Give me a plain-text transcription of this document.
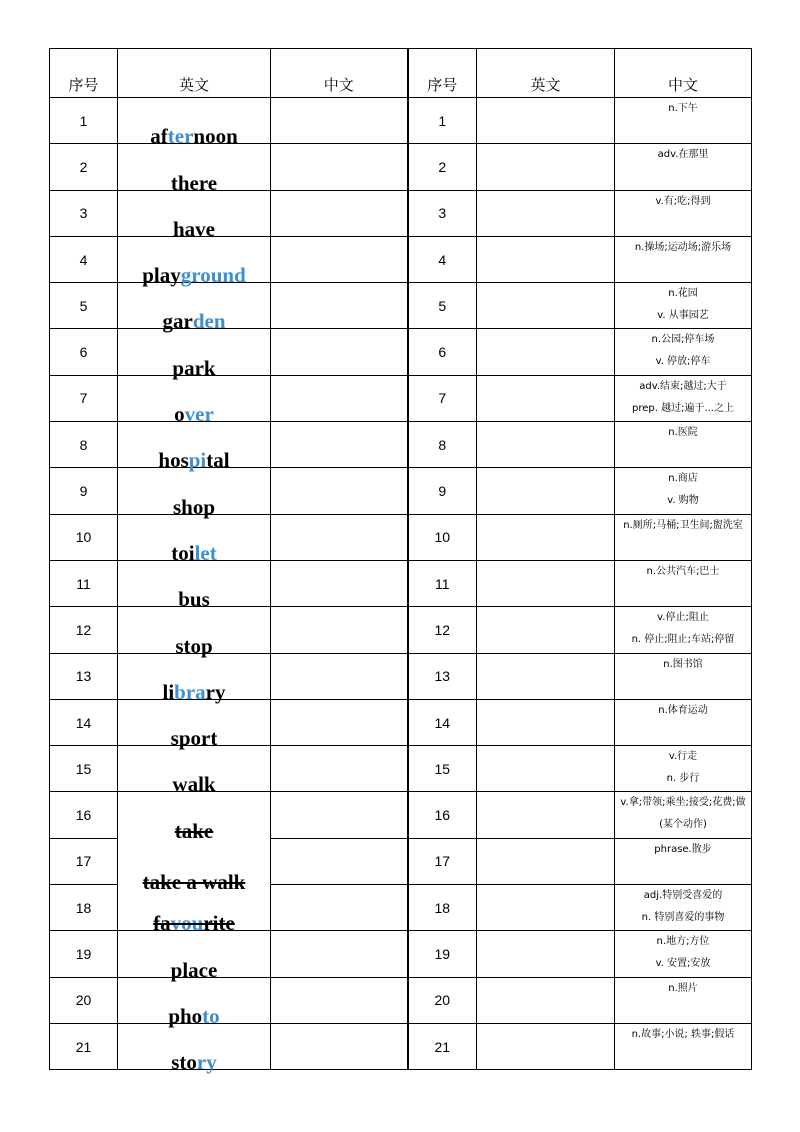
序号	英文	中文	序号	英文	中文
1	afternoon		1		n.下午

2	there		2		adv.在那里

3	have		3		v.有;吃;得到

4	playground		4		n.操场;运动场;游乐场

5	garden		5		n.花园
v. 从事园艺

6	park		6		n.公园;停车场
v. 停放;停车

7	over		7		adv.结束;越过;大于
prep. 越过;遍于...之上

8	hospital		8		n.医院

9	shop		9		n.商店
v. 购物

10	toilet		10		n.厕所;马桶;卫生间;盥洗室

11	bus		11		n.公共汽车;巴士

12	stop		12		v.停止;阻止
n. 停止;阻止;车站;停留

13	library		13		n.图书馆

14	sport		14		n.体育运动

15	walk		15		v.行走
n. 步行

16	take		16		v.拿;带领;乘坐;接受;花费;做
(某个动作)

17	take a walk		17		phrase.散步

18	favourite		18		adj.特别受喜爱的
n. 特别喜爱的事物

19	place		19		n.地方;方位
v. 安置;安放

20	photo		20		n.照片

21	story		21		n.故事;小说; 轶事;假话
